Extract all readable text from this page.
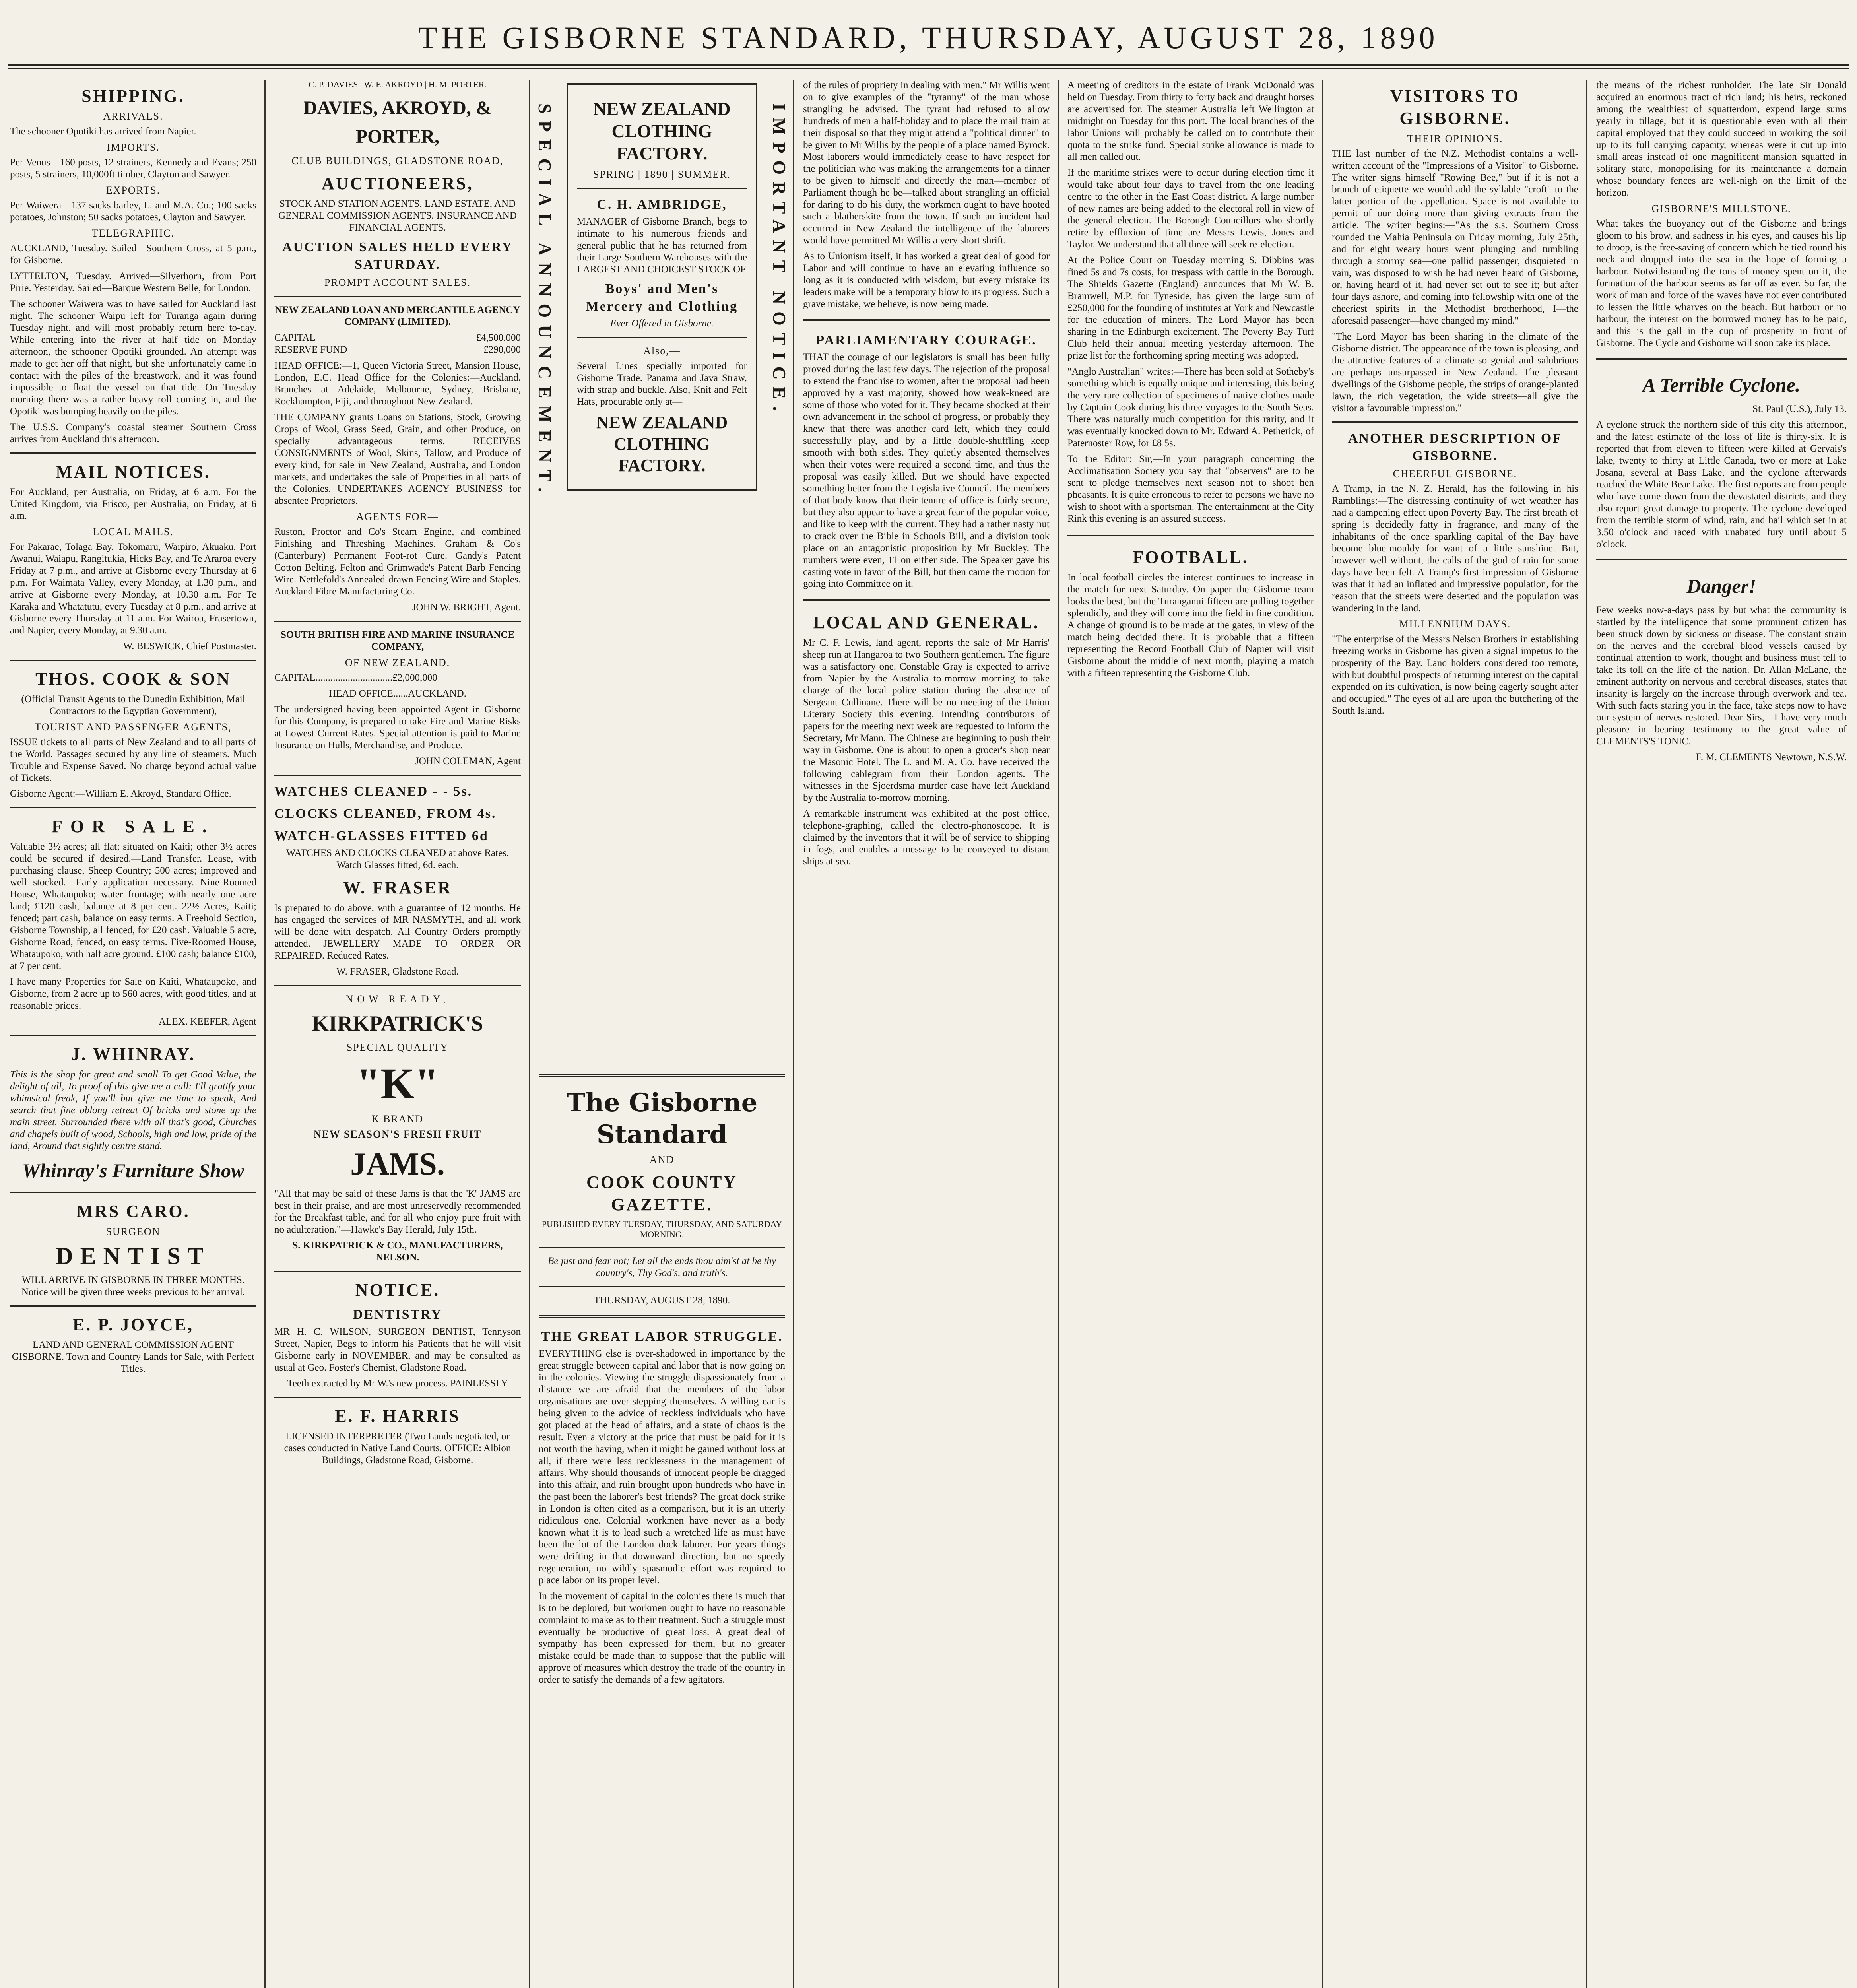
THE GISBORNE STANDARD, THURSDAY, AUGUST 28, 1890
SHIPPING.
ARRIVALS.

The schooner Opotiki has arrived from Napier.

IMPORTS.

Per Venus—160 posts, 12 strainers, Kennedy and Evans; 250 posts, 5 strainers, 10,000ft timber, Clayton and Sawyer.

EXPORTS.

Per Waiwera—137 sacks barley, L. and M.A. Co.; 100 sacks potatoes, Johnston; 50 sacks potatoes, Clayton and Sawyer.

TELEGRAPHIC.

AUCKLAND, Tuesday. Sailed—Southern Cross, at 5 p.m., for Gisborne.

LYTTELTON, Tuesday. Arrived—Silverhorn, from Port Pirie. Yesterday. Sailed—Barque Western Belle, for London.

The schooner Waiwera was to have sailed for Auckland last night. The schooner Waipu left for Turanga again during Tuesday night, and will most probably return here to-day. While entering into the river at half tide on Monday afternoon, the schooner Opotiki grounded. An attempt was made to get her off that night, but she unfortunately came in contact with the piles of the breastwork, and it was found impossible to float the vessel on that tide. On Tuesday morning there was a rather heavy roll coming in, and the Opotiki was bumping heavily on the piles.

The U.S.S. Company's coastal steamer Southern Cross arrives from Auckland this afternoon.

MAIL NOTICES.

For Auckland, per Australia, on Friday, at 6 a.m. For the United Kingdom, via Frisco, per Australia, on Friday, at 6 a.m.

LOCAL MAILS.

For Pakarae, Tolaga Bay, Tokomaru, Waipiro, Akuaku, Port Awanui, Waiapu, Rangitukia, Hicks Bay, and Te Araroa every Friday at 7 p.m., and arrive at Gisborne every Thursday at 6 p.m. For Waimata Valley, every Monday, at 1.30 p.m., and arrive at Gisborne every Monday, at 10.30 a.m. For Te Karaka and Whatatutu, every Tuesday at 8 p.m., and arrive at Gisborne every Thursday at 11 a.m. For Wairoa, Frasertown, and Napier, every Monday, at 9.30 a.m.

W. BESWICK, Chief Postmaster.

THOS. COOK & SON

(Official Transit Agents to the Dunedin Exhibition, Mail Contractors to the Egyptian Government),

TOURIST AND PASSENGER AGENTS,

ISSUE tickets to all parts of New Zealand and to all parts of the World. Passages secured by any line of steamers. Much Trouble and Expense Saved. No charge beyond actual value of Tickets.

Gisborne Agent:—William E. Akroyd, Standard Office.

FOR SALE.

Valuable 3½ acres; all flat; situated on Kaiti; other 3½ acres could be secured if desired.—Land Transfer. Lease, with purchasing clause, Sheep Country; 500 acres; improved and well stocked.—Early application necessary. Nine-Roomed House, Whataupoko; water frontage; with nearly one acre land; £120 cash, balance at 8 per cent. 22½ Acres, Kaiti; fenced; part cash, balance on easy terms. A Freehold Section, Gisborne Township, all fenced, for £20 cash. Valuable 5 acre, Gisborne Road, fenced, on easy terms. Five-Roomed House, Whataupoko, with half acre ground. £100 cash; balance £100, at 7 per cent.

I have many Properties for Sale on Kaiti, Whataupoko, and Gisborne, from 2 acre up to 560 acres, with good titles, and at reasonable prices.

ALEX. KEEFER, Agent

J. WHINRAY.

This is the shop for great and small To get Good Value, the delight of all, To proof of this give me a call: I'll gratify your whimsical freak, If you'll but give me time to speak, And search that fine oblong retreat Of bricks and stone up the main street. Surrounded there with all that's good, Churches and chapels built of wood, Schools, high and low, pride of the land, Around that sightly centre stand.

Whinray's Furniture Show
MRS CARO.
SURGEON
DENTIST

WILL ARRIVE IN GISBORNE IN THREE MONTHS. Notice will be given three weeks previous to her arrival.

E. P. JOYCE,

LAND AND GENERAL COMMISSION AGENT GISBORNE. Town and Country Lands for Sale, with Perfect Titles.

C. P. DAVIES | W. E. AKROYD | H. M. PORTER.

DAVIES, AKROYD, & PORTER,
CLUB BUILDINGS, GLADSTONE ROAD,
AUCTIONEERS,

STOCK AND STATION AGENTS, LAND ESTATE, AND GENERAL COMMISSION AGENTS. INSURANCE AND FINANCIAL AGENTS.

AUCTION SALES HELD EVERY SATURDAY.
PROMPT ACCOUNT SALES.

NEW ZEALAND LOAN AND MERCANTILE AGENCY COMPANY (LIMITED).

CAPITAL	£4,500,000
RESERVE FUND	£290,000

HEAD OFFICE:—1, Queen Victoria Street, Mansion House, London, E.C. Head Office for the Colonies:—Auckland. Branches at Adelaide, Melbourne, Sydney, Brisbane, Rockhampton, Fiji, and throughout New Zealand.

THE COMPANY grants Loans on Stations, Stock, Growing Crops of Wool, Grass Seed, Grain, and other Produce, on specially advantageous terms. RECEIVES CONSIGNMENTS of Wool, Skins, Tallow, and Produce of every kind, for sale in New Zealand, Australia, and London markets, and undertakes the sale of Properties in all parts of the Colonies. UNDERTAKES AGENCY BUSINESS for absentee Proprietors.

AGENTS FOR—

Ruston, Proctor and Co's Steam Engine, and combined Finishing and Threshing Machines. Graham & Co's (Canterbury) Permanent Foot-rot Cure. Gandy's Patent Cotton Belting. Felton and Grimwade's Patent Barb Fencing Wire. Nettlefold's Annealed-drawn Fencing Wire and Staples. Auckland Fibre Manufacturing Co.

JOHN W. BRIGHT, Agent.

SOUTH BRITISH FIRE AND MARINE INSURANCE COMPANY,

OF NEW ZEALAND.

CAPITAL...............................£2,000,000

HEAD OFFICE......AUCKLAND.

The undersigned having been appointed Agent in Gisborne for this Company, is prepared to take Fire and Marine Risks at Lowest Current Rates. Special attention is paid to Marine Insurance on Hulls, Merchandise, and Produce.

JOHN COLEMAN, Agent

WATCHES CLEANED - - 5s.
CLOCKS CLEANED, FROM 4s.
WATCH-GLASSES FITTED 6d

WATCHES AND CLOCKS CLEANED at above Rates. Watch Glasses fitted, 6d. each.

W. FRASER

Is prepared to do above, with a guarantee of 12 months. He has engaged the services of MR NASMYTH, and all work will be done with despatch. All Country Orders promptly attended. JEWELLERY MADE TO ORDER OR REPAIRED. Reduced Rates.

W. FRASER, Gladstone Road.

NOW READY,
KIRKPATRICK'S
SPECIAL QUALITY
"K"
K BRAND
NEW SEASON'S FRESH FRUIT
JAMS.

"All that may be said of these Jams is that the 'K' JAMS are best in their praise, and are most unreservedly recommended for the Breakfast table, and for all who enjoy pure fruit with no adulteration."—Hawke's Bay Herald, July 15th.

S. KIRKPATRICK & CO., MANUFACTURERS, NELSON.

NOTICE.
DENTISTRY

MR H. C. WILSON, SURGEON DENTIST, Tennyson Street, Napier, Begs to inform his Patients that he will visit Gisborne early in NOVEMBER, and may be consulted as usual at Geo. Foster's Chemist, Gladstone Road.

Teeth extracted by Mr W.'s new process. PAINLESSLY

E. F. HARRIS

LICENSED INTERPRETER (Two Lands negotiated, or cases conducted in Native Land Courts. OFFICE: Albion Buildings, Gladstone Road, Gisborne.

SPECIAL ANNOUNCEMENT.	IMPORTANT NOTICE.
NEW ZEALAND CLOTHING FACTORY.
SPRING | 1890 | SUMMER.
C. H. AMBRIDGE,

MANAGER of Gisborne Branch, begs to intimate to his numerous friends and general public that he has returned from their Large Southern Warehouses with the LARGEST AND CHOICEST STOCK OF

Boys' and Men's Mercery and Clothing

Ever Offered in Gisborne.

Also,—

Several Lines specially imported for Gisborne Trade. Panama and Java Straw, with strap and buckle. Also, Knit and Felt Hats, procurable only at—

NEW ZEALAND CLOTHING FACTORY.
The Gisborne Standard
AND
COOK COUNTY GAZETTE.

PUBLISHED EVERY TUESDAY, THURSDAY, AND SATURDAY MORNING.

Be just and fear not; Let all the ends thou aim'st at be thy country's, Thy God's, and truth's.

THURSDAY, AUGUST 28, 1890.

THE GREAT LABOR STRUGGLE.

EVERYTHING else is over-shadowed in importance by the great struggle between capital and labor that is now going on in the colonies. Viewing the struggle dispassionately from a distance we are afraid that the members of the labor organisations are over-stepping themselves. A willing ear is being given to the advice of reckless individuals who have got placed at the head of affairs, and a state of chaos is the result. Even a victory at the price that must be paid for it is not worth the having, when it might be gained without loss at all, if there were less recklessness in the management of affairs. Why should thousands of innocent people be dragged into this affair, and ruin brought upon hundreds who have in the past been the laborer's best friends? The great dock strike in London is often cited as a comparison, but it is an utterly ridiculous one. Colonial workmen have never as a body known what it is to lead such a wretched life as must have been the lot of the London dock laborer. For years things were drifting in that downward direction, but no speedy regeneration, no wildly spasmodic effort was required to place labor on its proper level.

In the movement of capital in the colonies there is much that is to be deplored, but workmen ought to have no reasonable complaint to make as to their treatment. Such a struggle must eventually be productive of great loss. A great deal of sympathy has been expressed for them, but no greater mistake could be made than to suppose that the public will approve of measures which destroy the trade of the country in order to satisfy the demands of a few agitators.

of the rules of propriety in dealing with men." Mr Willis went on to give examples of the "tyranny" of the man whose strangling he advised. The tyrant had refused to allow hundreds of men a half-holiday and to place the mail train at their disposal so that they might attend a "political dinner" to be given to Mr Willis by the people of a place named Byrock. Most laborers would immediately cease to have respect for the politician who was making the arrangements for a dinner to be given to himself and directly the man—member of Parliament though he be—talked about strangling an official for daring to do his duty, the workmen ought to have hooted such a blatherskite from the town. If such an incident had occurred in New Zealand the intelligence of the laborers would have permitted Mr Willis a very short shrift.

As to Unionism itself, it has worked a great deal of good for Labor and will continue to have an elevating influence so long as it is conducted with wisdom, but every mistake its leaders make will be a temporary blow to its progress. Such a grave mistake, we believe, is now being made.

PARLIAMENTARY COURAGE.

THAT the courage of our legislators is small has been fully proved during the last few days. The rejection of the proposal to extend the franchise to women, after the proposal had been approved by a vast majority, showed how weak-kneed are some of those who voted for it. They became shocked at their own advancement in the school of progress, or probably they knew that there was another card left, which they could successfully play, and by a little double-shuffling keep smooth with both sides. They quietly absented themselves when their votes were required a second time, and thus the proposal was easily killed. But we should have expected something better from the Legislative Council. The members of that body know that their tenure of office is fairly secure, but they also appear to have a great fear of the popular voice, and like to keep with the current. They had a rather nasty nut to crack over the Bible in Schools Bill, and a division took place on an antagonistic proposition by Mr Buckley. The numbers were even, 11 on either side. The Speaker gave his casting vote in favor of the Bill, but then came the motion for going into Committee on it.

LOCAL AND GENERAL.

Mr C. F. Lewis, land agent, reports the sale of Mr Harris' sheep run at Hangaroa to two Southern gentlemen. The figure was a satisfactory one. Constable Gray is expected to arrive from Napier by the Australia to-morrow morning to take charge of the local police station during the absence of Sergeant Cullinane. There will be no meeting of the Union Literary Society this evening. Intending contributors of papers for the meeting next week are requested to inform the Secretary, Mr Mann. The Chinese are beginning to push their way in Gisborne. One is about to open a grocer's shop near the Masonic Hotel. The L. and M. A. Co. have received the following cablegram from their London agents. The witnesses in the Sjoerdsma murder case have left Auckland by the Australia to-morrow morning.

A remarkable instrument was exhibited at the post office, telephone-graphing, called the electro-phonoscope. It is claimed by the inventors that it will be of service to shipping in fogs, and enables a message to be conveyed to distant ships at sea.

A meeting of creditors in the estate of Frank McDonald was held on Tuesday. From thirty to forty back and draught horses are advertised for. The steamer Australia left Wellington at midnight on Tuesday for this port. The local branches of the labor Unions will probably be called on to contribute their quota to the strike fund. Special strike allowance is made to all men called out.

If the maritime strikes were to occur during election time it would take about four days to travel from the one leading centre to the other in the East Coast district. A large number of new names are being added to the electoral roll in view of the general election. The Borough Councillors who shortly retire by effluxion of time are Messrs Lewis, Jones and Taylor. We understand that all three will seek re-election.

At the Police Court on Tuesday morning S. Dibbins was fined 5s and 7s costs, for trespass with cattle in the Borough. The Shields Gazette (England) announces that Mr W. B. Bramwell, M.P. for Tyneside, has given the large sum of £250,000 for the founding of institutes at York and Newcastle for the education of miners. The Lord Mayor has been sharing in the Edinburgh excitement. The Poverty Bay Turf Club held their annual meeting yesterday afternoon. The prize list for the forthcoming spring meeting was adopted.

"Anglo Australian" writes:—There has been sold at Sotheby's something which is equally unique and interesting, this being the very rare collection of specimens of native clothes made by Captain Cook during his three voyages to the South Seas. There was naturally much competition for this rarity, and it was eventually knocked down to Mr. Edward A. Petherick, of Paternoster Row, for £8 5s.

To the Editor: Sir,—In your paragraph concerning the Acclimatisation Society you say that "observers" are to be sent to pledge themselves next season not to shoot hen pheasants. It is quite erroneous to refer to persons we have no wish to shoot with a sportsman. The entertainment at the City Rink this evening is an assured success.

FOOTBALL.

In local football circles the interest continues to increase in the match for next Saturday. On paper the Gisborne team looks the best, but the Turanganui fifteen are pulling together splendidly, and they will come into the field in fine condition. A change of ground is to be made at the gates, in view of the match being decided there. It is probable that a fifteen representing the Record Football Club of Napier will visit Gisborne about the middle of next month, playing a match with a fifteen representing the Gisborne Club.

VISITORS TO GISBORNE.
THEIR OPINIONS.

THE last number of the N.Z. Methodist contains a well-written account of the "Impressions of a Visitor" to Gisborne. The writer signs himself "Rowing Bee," but if it is not a branch of etiquette we would add the syllable "croft" to the latter portion of the appellation. Space is not available to permit of our doing more than giving extracts from the article. The writer begins:—"As the s.s. Southern Cross rounded the Mahia Peninsula on Friday morning, July 25th, and for eight weary hours went plunging and tumbling through a stormy sea—one pallid passenger, disquieted in vain, was disposed to wish he had never heard of Gisborne, or, having heard of it, had never set out to see it; but after four days ashore, and coming into fellowship with one of the cheeriest spirits in the Methodist brotherhood, I—the aforesaid passenger—have changed my mind."

"The Lord Mayor has been sharing in the climate of the Gisborne district. The appearance of the town is pleasing, and the attractive features of a climate so genial and salubrious are perhaps unsurpassed in New Zealand. The pleasant dwellings of the Gisborne people, the strips of orange-planted lawn, the rich vegetation, the wide streets—all give the visitor a favourable impression."

ANOTHER DESCRIPTION OF GISBORNE.
CHEERFUL GISBORNE.

A Tramp, in the N. Z. Herald, has the following in his Ramblings:—The distressing continuity of wet weather has had a dampening effect upon Poverty Bay. The first breath of spring is decidedly fatty in fragrance, and many of the inhabitants of the once sparkling capital of the Bay have become blue-mouldy for want of a little sunshine. But, however well without, the calls of the god of rain for some days have been felt. A Tramp's first impression of Gisborne was that it had an inflated and impressive population, for the reason that the streets were deserted and the population was wandering in the land.

MILLENNIUM DAYS.

"The enterprise of the Messrs Nelson Brothers in establishing freezing works in Gisborne has given a signal impetus to the prosperity of the Bay. Land holders considered too remote, with but doubtful prospects of returning interest on the capital expended on its cultivation, is now being eagerly sought after and occupied." The eyes of all are upon the butchering of the South Island.

the means of the richest runholder. The late Sir Donald acquired an enormous tract of rich land; his heirs, reckoned among the wealthiest of squatterdom, expend large sums yearly in tillage, but it is questionable even with all their capital employed that they could succeed in working the soil up to its full carrying capacity, whereas were it cut up into small areas instead of one magnificent mansion squatted in solitary state, monopolising for its maintenance a domain whose boundary fences are well-nigh on the limit of the horizon.

GISBORNE'S MILLSTONE.

What takes the buoyancy out of the Gisborne and brings gloom to his brow, and sadness in his eyes, and causes his lip to droop, is the free-saving of concern which he tied round his neck and dropped into the sea in the hope of forming a harbour. Notwithstanding the tons of money spent on it, the formation of the harbour seems as far off as ever. So far, the work of man and force of the waves have not ever contributed to lessen the little wharves on the beach. But harbour or no harbour, the interest on the borrowed money has to be paid, and this is the gall in the cup of prosperity in front of Gisborne. The Cycle and Gisborne will soon take its place.

A Terrible Cyclone.

St. Paul (U.S.), July 13.

A cyclone struck the northern side of this city this afternoon, and the latest estimate of the loss of life is thirty-six. It is reported that from eleven to fifteen were killed at Gervais's lake, twenty to thirty at Little Canada, two or more at Lake Josana, several at Bass Lake, and the cyclone afterwards reached the White Bear Lake. The first reports are from people who have come down from the devastated districts, and they also report great damage to property. The cyclone developed from the terrible storm of wind, rain, and hail which set in at 3.50 o'clock and raced with unabated fury until about 5 o'clock.

Danger!

Few weeks now-a-days pass by but what the community is startled by the intelligence that some prominent citizen has been struck down by sickness or disease. The constant strain on the nerves and the cerebral blood vessels caused by continual attention to work, thought and business must tell to take its toll on the life of the nation. Dr. Allan McLane, the eminent authority on nervous and cerebral diseases, states that insanity is largely on the increase through overwork and tea. With such facts staring you in the face, take steps now to have our system of nerves restored. Dear Sirs,—I have very much pleasure in bearing testimony to the great value of CLEMENTS'S TONIC.

F. M. CLEMENTS Newtown, N.S.W.
